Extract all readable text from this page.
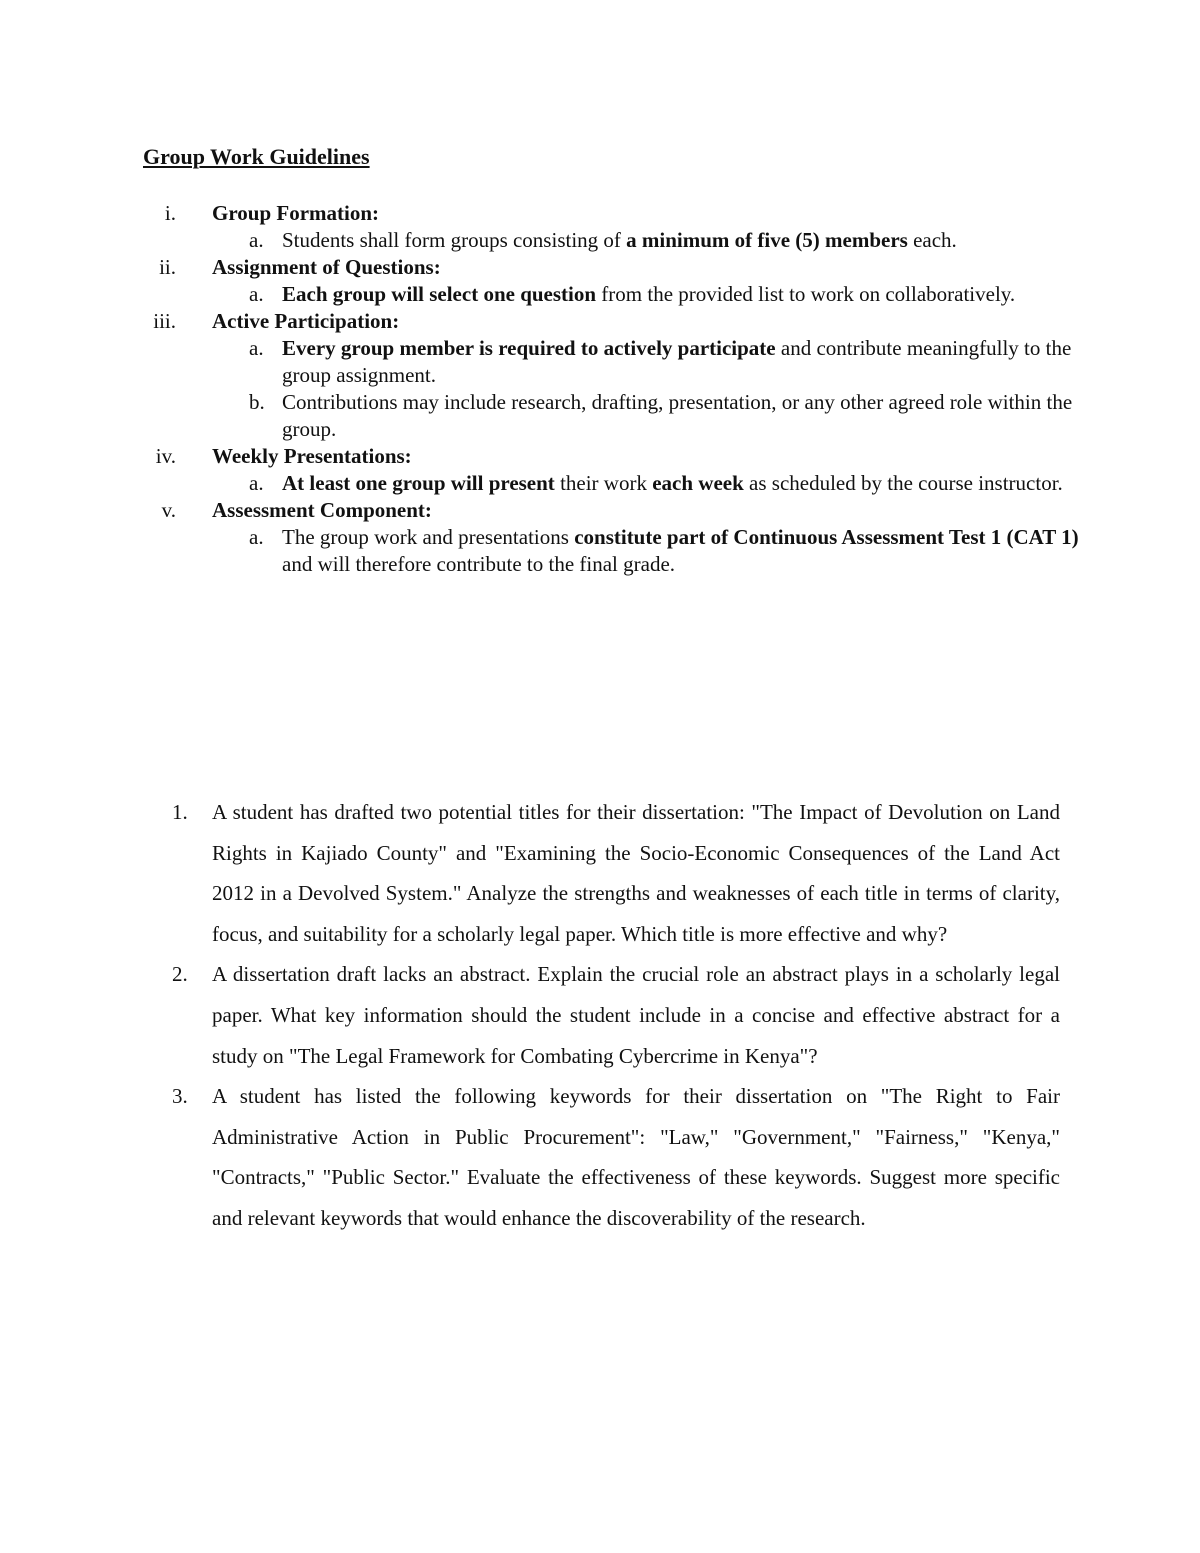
Group Work Guidelines
i. Group Formation:
a. Students shall form groups consisting of a minimum of five (5) members each.
ii. Assignment of Questions:
a. Each group will select one question from the provided list to work on collaboratively.
iii. Active Participation:
a. Every group member is required to actively participate and contribute meaningfully to the group assignment.
b. Contributions may include research, drafting, presentation, or any other agreed role within the group.
iv. Weekly Presentations:
a. At least one group will present their work each week as scheduled by the course instructor.
v. Assessment Component:
a. The group work and presentations constitute part of Continuous Assessment Test 1 (CAT 1) and will therefore contribute to the final grade.
1. A student has drafted two potential titles for their dissertation: "The Impact of Devolution on Land Rights in Kajiado County" and "Examining the Socio-Economic Consequences of the Land Act 2012 in a Devolved System." Analyze the strengths and weaknesses of each title in terms of clarity, focus, and suitability for a scholarly legal paper. Which title is more effective and why?
2. A dissertation draft lacks an abstract. Explain the crucial role an abstract plays in a scholarly legal paper. What key information should the student include in a concise and effective abstract for a study on "The Legal Framework for Combating Cybercrime in Kenya"?
3. A student has listed the following keywords for their dissertation on "The Right to Fair Administrative Action in Public Procurement": "Law," "Government," "Fairness," "Kenya," "Contracts," "Public Sector." Evaluate the effectiveness of these keywords. Suggest more specific and relevant keywords that would enhance the discoverability of the research.
